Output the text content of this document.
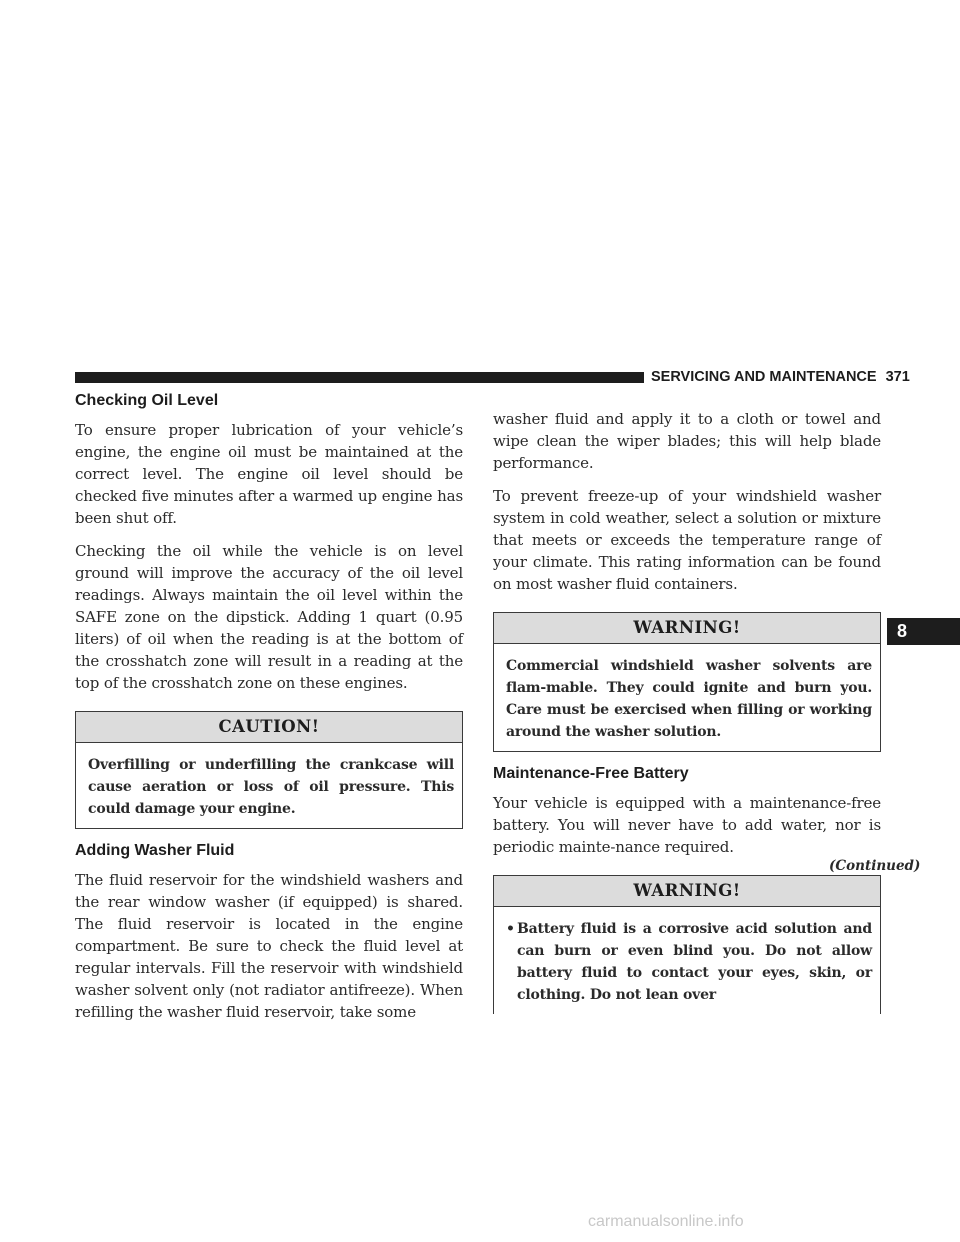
SERVICING AND MAINTENANCE 371
Checking Oil Level

To ensure proper lubrication of your vehicle’s engine, the engine oil must be maintained at the correct level. The engine oil level should be checked five minutes after a warmed up engine has been shut off.

Checking the oil while the vehicle is on level ground will improve the accuracy of the oil level readings. Always maintain the oil level within the SAFE zone on the dipstick. Adding 1 quart (0.95 liters) of oil when the reading is at the bottom of the crosshatch zone will result in a reading at the top of the crosshatch zone on these engines.

CAUTION!
Overfilling or underfilling the crankcase will cause aeration or loss of oil pressure. This could damage your engine.
Adding Washer Fluid

The fluid reservoir for the windshield washers and the rear window washer (if equipped) is shared. The fluid reservoir is located in the engine compartment. Be sure to check the fluid level at regular intervals. Fill the reservoir with windshield washer solvent only (not radiator antifreeze). When refilling the washer fluid reservoir, take some

washer fluid and apply it to a cloth or towel and wipe clean the wiper blades; this will help blade performance.

To prevent freeze-up of your windshield washer system in cold weather, select a solution or mixture that meets or exceeds the temperature range of your climate. This rating information can be found on most washer fluid containers.

WARNING!
Commercial windshield washer solvents are flam-mable. They could ignite and burn you. Care must be exercised when filling or working around the washer solution.
Maintenance-Free Battery

Your vehicle is equipped with a maintenance-free battery. You will never have to add water, nor is periodic mainte-nance required.

WARNING!
• Battery fluid is a corrosive acid solution and can burn or even blind you. Do not allow battery fluid to contact your eyes, skin, or clothing. Do not lean over
(Continued)
8
carmanualsonline.info
